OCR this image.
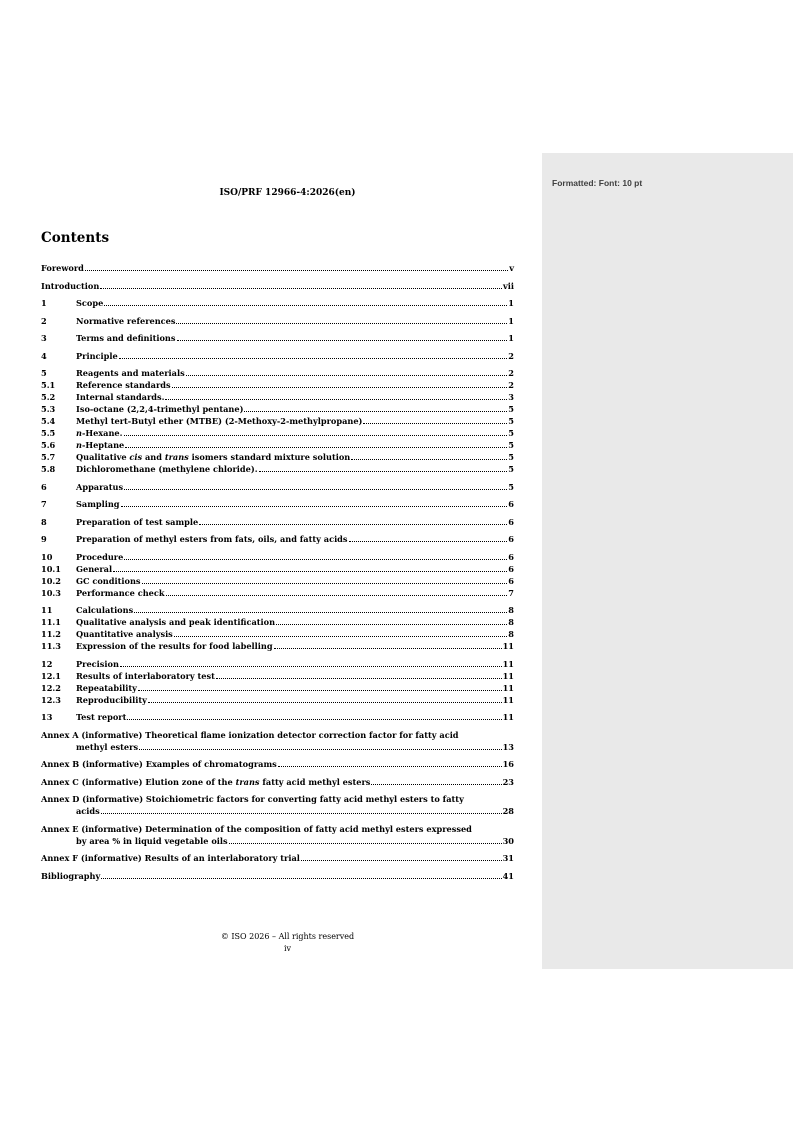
Formatted: Font: 10 pt
ISO/PRF 12966-4:2026(en)
Contents
Foreword	v
Introduction	vii
1	Scope	1
2	Normative references	1
3	Terms and definitions	1
4	Principle	2
5	Reagents and materials	2
5.1	Reference standards	2
5.2	Internal standards.	3
5.3	Iso-octane (2,2,4-trimethyl pentane)	5
5.4	Methyl tert-Butyl ether (MTBE) (2-Methoxy-2-methylpropane)	5
5.5	n-Hexane.	5
5.6	n-Heptane	5
5.7	Qualitative cis and trans isomers standard mixture solution	5
5.8	Dichloromethane (methylene chloride).	5
6	Apparatus	5
7	Sampling	6
8	Preparation of test sample	6
9	Preparation of methyl esters from fats, oils, and fatty acids	6
10	Procedure	6
10.1	General	6
10.2	GC conditions	6
10.3	Performance check	7
11	Calculations	8
11.1	Qualitative analysis and peak identification	8
11.2	Quantitative analysis	8
11.3	Expression of the results for food labelling	11
12	Precision	11
12.1	Results of interlaboratory test	11
12.2	Repeatability	11
12.3	Reproducibility	11
13	Test report	11
Annex A (informative) Theoretical flame ionization detector correction factor for fatty acid
methyl esters	13
Annex B (informative) Examples of chromatograms	16
Annex C (informative) Elution zone of the trans fatty acid methyl esters	23
Annex D (informative) Stoichiometric factors for converting fatty acid methyl esters to fatty
acids	28
Annex E (informative) Determination of the composition of fatty acid methyl esters expressed
by area % in liquid vegetable oils	30
Annex F (informative) Results of an interlaboratory trial	31
Bibliography	41
© ISO 2026 – All rights reserved
iv
